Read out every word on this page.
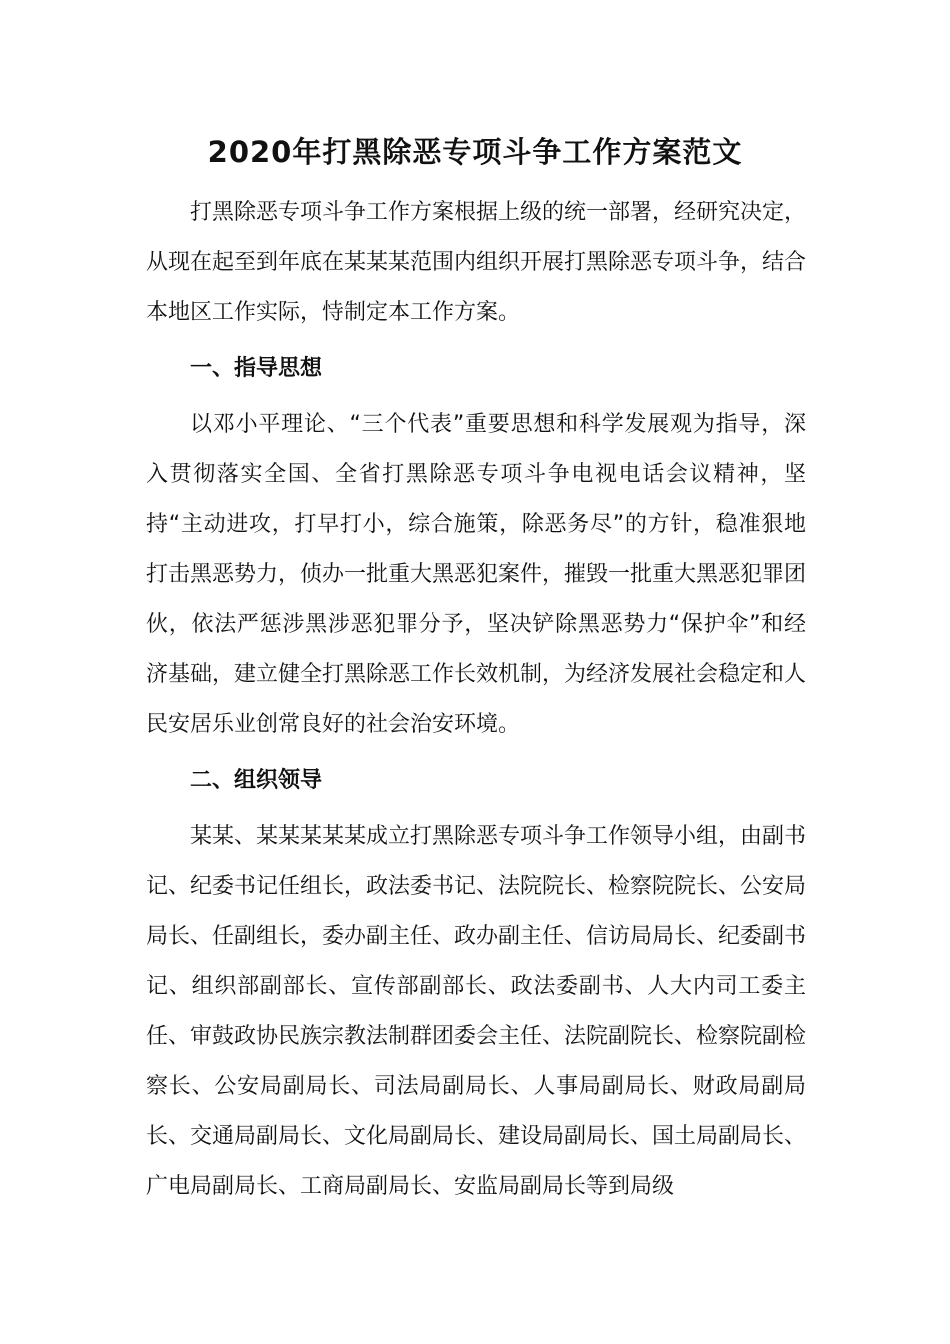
2020年打黑除恶专项斗争工作方案范文

打黑除恶专项斗争工作方案根据上级的统一部署，经研究决定，从现在起至到年底在某某某范围内组织开展打黑除恶专项斗争，结合本地区工作实际，恃制定本工作方案。

一、指导思想

以邓小平理论、“三个代表”重要思想和科学发展观为指导，深入贯彻落实全国、全省打黑除恶专项斗争电视电话会议精神，坚持“主动进攻，打早打小，综合施策，除恶务尽”的方针，稳准狠地打击黑恶势力，侦办一批重大黑恶犯案件，摧毁一批重大黑恶犯罪团伙，依法严惩涉黑涉恶犯罪分予，坚决铲除黑恶势力“保护伞”和经济基础，建立健全打黑除恶工作长效机制，为经济发展社会稳定和人民安居乐业创常良好的社会治安环境。

二、组织领导

某某、某某某某某成立打黑除恶专项斗争工作领导小组，由副书记、纪委书记任组长，政法委书记、法院院长、检察院院长、公安局局长、任副组长，委办副主任、政办副主任、信访局局长、纪委副书记、组织部副部长、宣传部副部长、政法委副书、人大内司工委主任、审鼓政协民族宗教法制群团委会主任、法院副院长、检察院副检察长、公安局副局长、司法局副局长、人事局副局长、财政局副局长、交通局副局长、文化局副局长、建设局副局长、国土局副局长、广电局副局长、工商局副局长、安监局副局长等到局级
